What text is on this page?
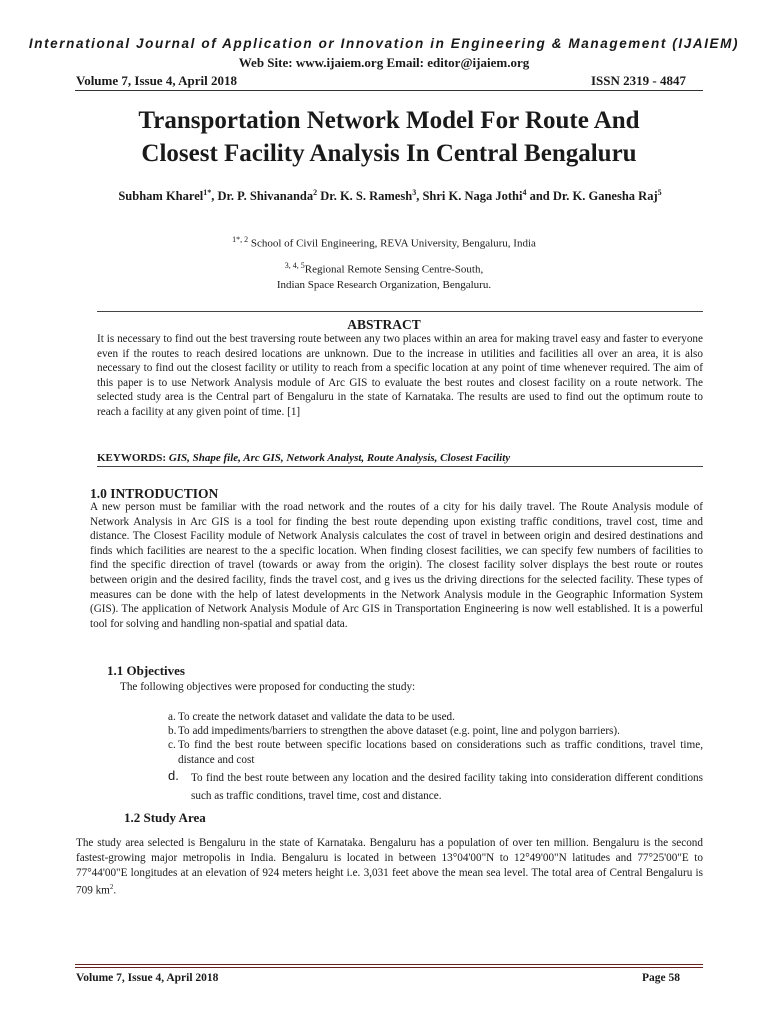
International Journal of Application or Innovation in Engineering & Management (IJAIEM)
Web Site: www.ijaiem.org Email: editor@ijaiem.org
Volume 7, Issue 4, April 2018	ISSN 2319 - 4847
Transportation Network Model For Route And
Closest Facility Analysis In Central Bengaluru
Subham Kharel$^{1*}$, Dr. P. Shivananda$^2$ Dr. K. S. Ramesh$^3$, Shri K. Naga Jothi$^4$ and Dr. K. Ganesha Raj$^5$
$^{1*, 2}$ School of Civil Engineering, REVA University, Bengaluru, India
$^{3, 4, 5}$Regional Remote Sensing Centre-South,
Indian Space Research Organization, Bengaluru.
ABSTRACT
It is necessary to find out the best traversing route between any two places within an area for making travel easy and faster to everyone even if the routes to reach desired locations are unknown. Due to the increase in utilities and facilities all over an area, it is also necessary to find out the closest facility or utility to reach from a specific location at any point of time whenever required. The aim of this paper is to use Network Analysis module of Arc GIS to evaluate the best routes and closest facility on a route network. The selected study area is the Central part of Bengaluru in the state of Karnataka. The results are used to find out the optimum route to reach a facility at any given point of time. [1]
KEYWORDS: GIS, Shape file, Arc GIS, Network Analyst, Route Analysis, Closest Facility
1.0 INTRODUCTION
A new person must be familiar with the road network and the routes of a city for his daily travel. The Route Analysis module of Network Analysis in Arc GIS is a tool for finding the best route depending upon existing traffic conditions, travel cost, time and distance. The Closest Facility module of Network Analysis calculates the cost of travel in between origin and desired destinations and finds which facilities are nearest to the a specific location. When finding closest facilities, we can specify few numbers of facilities to find the specific direction of travel (towards or away from the origin). The closest facility solver displays the best route or routes between origin and the desired facility, finds the travel cost, and g ives us the driving directions for the selected facility. These types of measures can be done with the help of latest developments in the Network Analysis module in the Geographic Information System (GIS). The application of Network Analysis Module of Arc GIS in Transportation Engineering is now well established. It is a powerful tool for solving and handling non-spatial and spatial data.
1.1 Objectives
The following objectives were proposed for conducting the study:
a. To create the network dataset and validate the data to be used.
b. To add impediments/barriers to strengthen the above dataset (e.g. point, line and polygon barriers).
c. To find the best route between specific locations based on considerations such as traffic conditions, travel time, distance and cost
d.	To find the best route between any location and the desired facility taking into consideration different conditions such as traffic conditions, travel time, cost and distance.
1.2 Study Area
The study area selected is Bengaluru in the state of Karnataka. Bengaluru has a population of over ten million. Bengaluru is the second fastest-growing major metropolis in India. Bengaluru is located in between 13°04'00"N to 12°49'00"N latitudes and 77°25'00"E to 77°44'00"E longitudes at an elevation of 924 meters height i.e. 3,031 feet above the mean sea level. The total area of Central Bengaluru is 709 $km^2$.
Volume 7, Issue 4, April 2018	Page 58
